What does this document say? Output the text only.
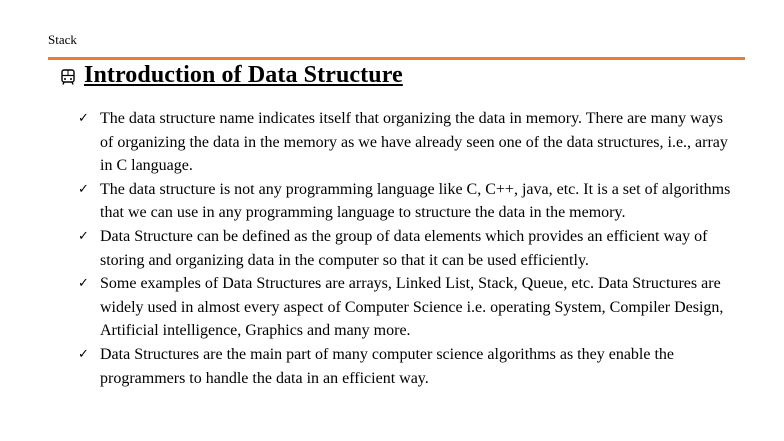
Stack
Introduction of Data Structure
✓ The data structure name indicates itself that organizing the data in memory. There are many ways of organizing the data in the memory as we have already seen one of the data structures, i.e., array in C language.
✓ The data structure is not any programming language like C, C++, java, etc. It is a set of algorithms that we can use in any programming language to structure the data in the memory.
✓ Data Structure can be defined as the group of data elements which provides an efficient way of storing and organizing data in the computer so that it can be used efficiently.
✓ Some examples of Data Structures are arrays, Linked List, Stack, Queue, etc. Data Structures are widely used in almost every aspect of Computer Science i.e. operating System, Compiler Design, Artificial intelligence, Graphics and many more.
✓ Data Structures are the main part of many computer science algorithms as they enable the programmers to handle the data in an efficient way.
